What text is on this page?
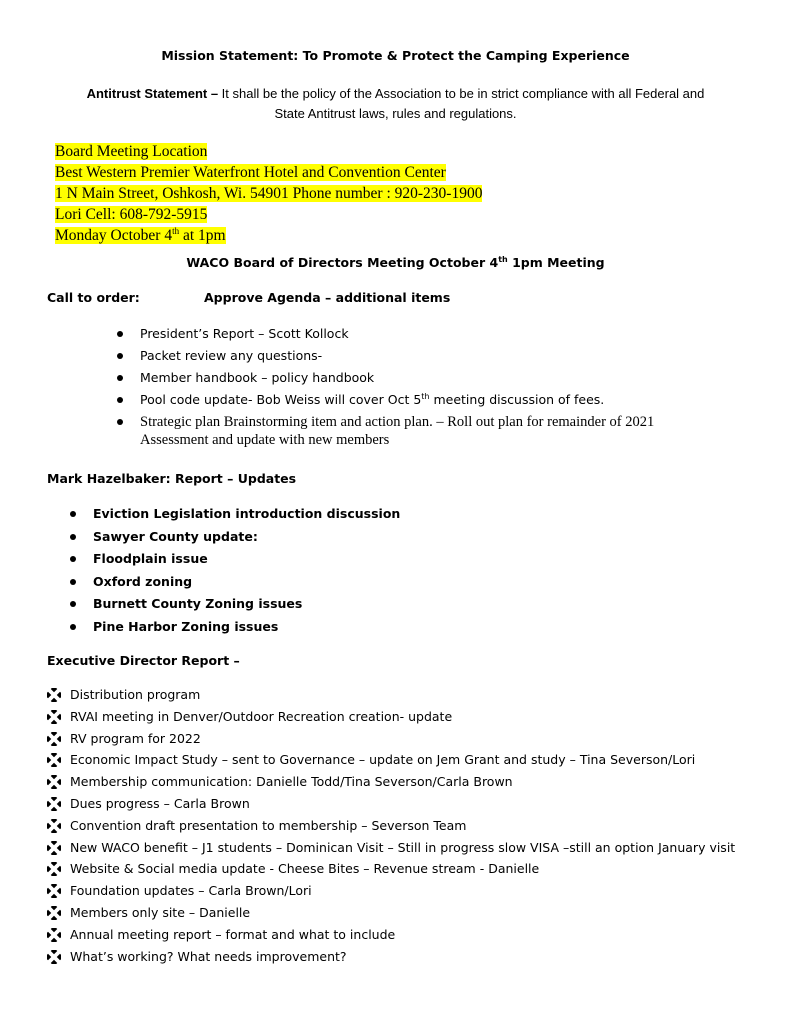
Mission Statement: To Promote & Protect the Camping Experience
Antitrust Statement – It shall be the policy of the Association to be in strict compliance with all Federal and
State Antitrust laws, rules and regulations.
Board Meeting Location
Best Western Premier Waterfront Hotel and Convention Center
1 N Main Street, Oshkosh, Wi. 54901 Phone number : 920-230-1900
Lori Cell: 608-792-5915
Monday October 4th at 1pm
WACO Board of Directors Meeting October 4th 1pm Meeting
Call to order:	Approve Agenda – additional items
President’s Report – Scott Kollock
Packet review any questions-
Member handbook – policy handbook
Pool code update- Bob Weiss will cover Oct 5th meeting discussion of fees.
Strategic plan Brainstorming item and action plan. – Roll out plan for remainder of 2021
Assessment and update with new members
Mark Hazelbaker: Report – Updates
Eviction Legislation introduction discussion
Sawyer County update:
Floodplain issue
Oxford zoning
Burnett County Zoning issues
Pine Harbor Zoning issues
Executive Director Report –
Distribution program
RVAI meeting in Denver/Outdoor Recreation creation- update
RV program for 2022
Economic Impact Study – sent to Governance – update on Jem Grant and study – Tina Severson/Lori
Membership communication: Danielle Todd/Tina Severson/Carla Brown
Dues progress – Carla Brown
Convention draft presentation to membership – Severson Team
New WACO benefit – J1 students – Dominican Visit – Still in progress slow VISA –still an option January visit
Website & Social media update - Cheese Bites – Revenue stream - Danielle
Foundation updates – Carla Brown/Lori
Members only site – Danielle
Annual meeting report – format and what to include
What’s working? What needs improvement?
